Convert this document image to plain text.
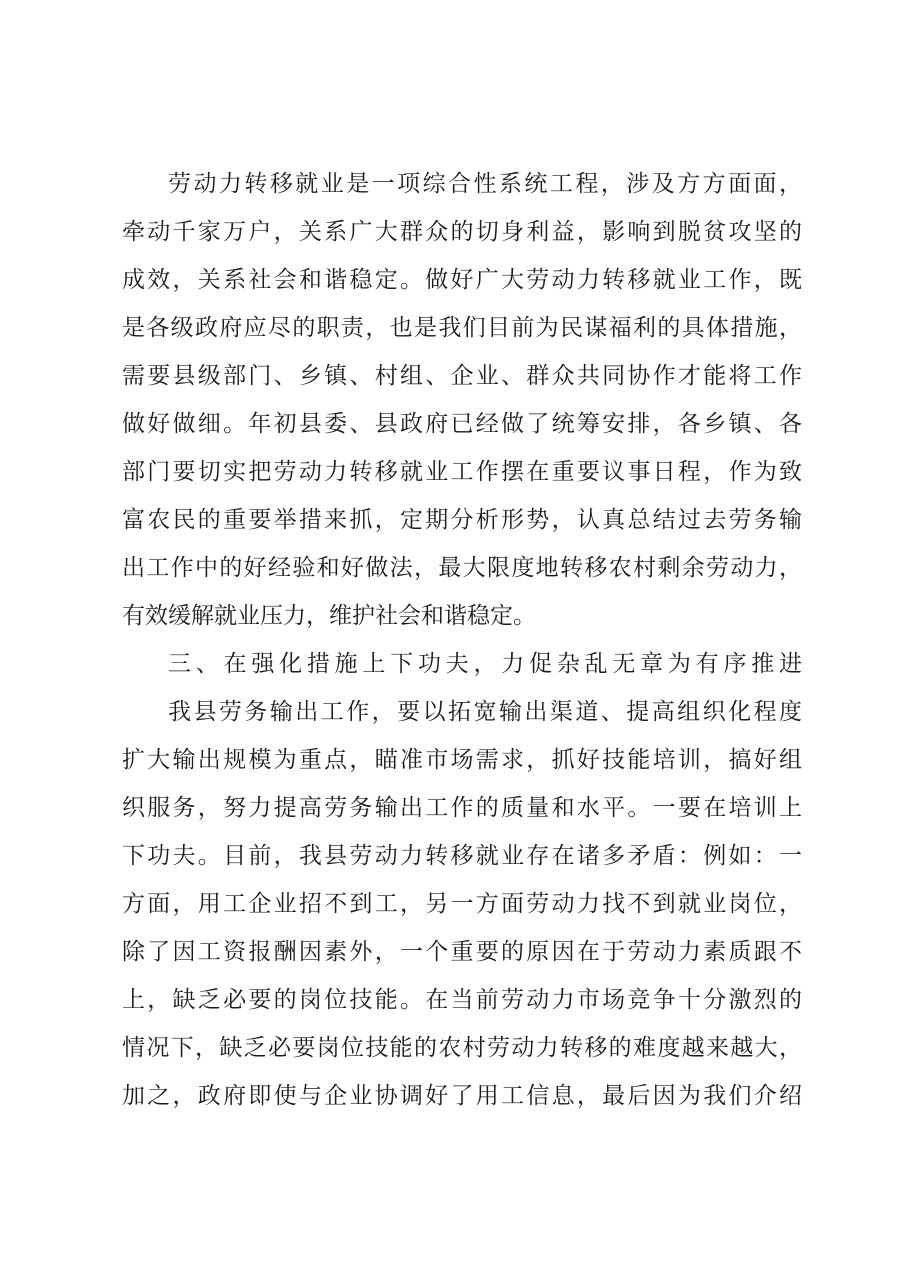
劳动力转移就业是一项综合性系统工程，涉及方方面面，
牵动千家万户，关系广大群众的切身利益，影响到脱贫攻坚的
成效，关系社会和谐稳定。做好广大劳动力转移就业工作，既
是各级政府应尽的职责，也是我们目前为民谋福利的具体措施，
需要县级部门、乡镇、村组、企业、群众共同协作才能将工作
做好做细。年初县委、县政府已经做了统筹安排，各乡镇、各
部门要切实把劳动力转移就业工作摆在重要议事日程，作为致
富农民的重要举措来抓，定期分析形势，认真总结过去劳务输
出工作中的好经验和好做法，最大限度地转移农村剩余劳动力，
有效缓解就业压力，维护社会和谐稳定。
三、在强化措施上下功夫，力促杂乱无章为有序推进
我县劳务输出工作，要以拓宽输出渠道、提高组织化程度
扩大输出规模为重点，瞄准市场需求，抓好技能培训，搞好组
织服务，努力提高劳务输出工作的质量和水平。一要在培训上
下功夫。目前，我县劳动力转移就业存在诸多矛盾：例如：一
方面，用工企业招不到工，另一方面劳动力找不到就业岗位，
除了因工资报酬因素外，一个重要的原因在于劳动力素质跟不
上，缺乏必要的岗位技能。在当前劳动力市场竞争十分激烈的
情况下，缺乏必要岗位技能的农村劳动力转移的难度越来越大，
加之，政府即使与企业协调好了用工信息，最后因为我们介绍
